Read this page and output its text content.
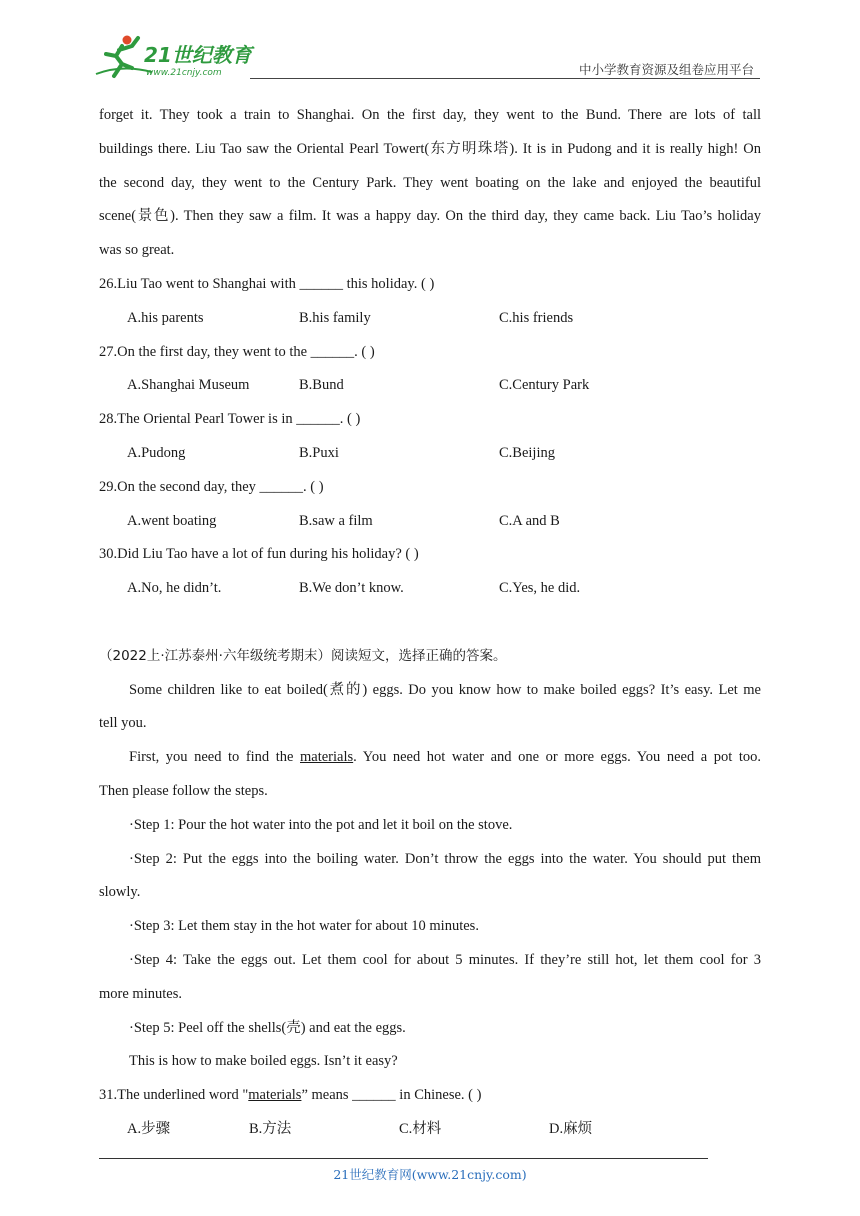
21世纪教育
www.21cnjy.com	中小学教育资源及组卷应用平台
forget it. They took a train to Shanghai. On the first day, they went to the Bund. There are lots of tall
buildings there. Liu Tao saw the Oriental Pearl Towert(东方明珠塔). It is in Pudong and it is really high! On
the second day, they went to the Century Park. They went boating on the lake and enjoyed the beautiful
scene(景色). Then they saw a film. It was a happy day. On the third day, they came back. Liu Tao’s holiday
was so great.
26.Liu Tao went to Shanghai with ______ this holiday. ( )
A.his parents	B.his family	C.his friends
27.On the first day, they went to the ______. ( )
A.Shanghai Museum	B.Bund	C.Century Park
28.The Oriental Pearl Tower is in ______. ( )
A.Pudong	B.Puxi	C.Beijing
29.On the second day, they ______. ( )
A.went boating	B.saw a film	C.A and B
30.Did Liu Tao have a lot of fun during his holiday? ( )
A.No, he didn’t.	B.We don’t know.	C.Yes, he did.
（2022上·江苏泰州·六年级统考期末）阅读短文，选择正确的答案。
Some children like to eat boiled(煮的) eggs. Do you know how to make boiled eggs? It’s easy. Let me
tell you.
First, you need to find the materials. You need hot water and one or more eggs. You need a pot too.
Then please follow the steps.
·Step 1: Pour the hot water into the pot and let it boil on the stove.
·Step 2: Put the eggs into the boiling water. Don’t throw the eggs into the water. You should put them
slowly.
·Step 3: Let them stay in the hot water for about 10 minutes.
·Step 4: Take the eggs out. Let them cool for about 5 minutes. If they’re still hot, let them cool for 3
more minutes.
·Step 5: Peel off the shells(壳) and eat the eggs.
This is how to make boiled eggs. Isn’t it easy?
31.The underlined word "materials” means ______ in Chinese. ( )
A.步骤	B.方法	C.材料	D.麻烦
21世纪教育网(www.21cnjy.com)
